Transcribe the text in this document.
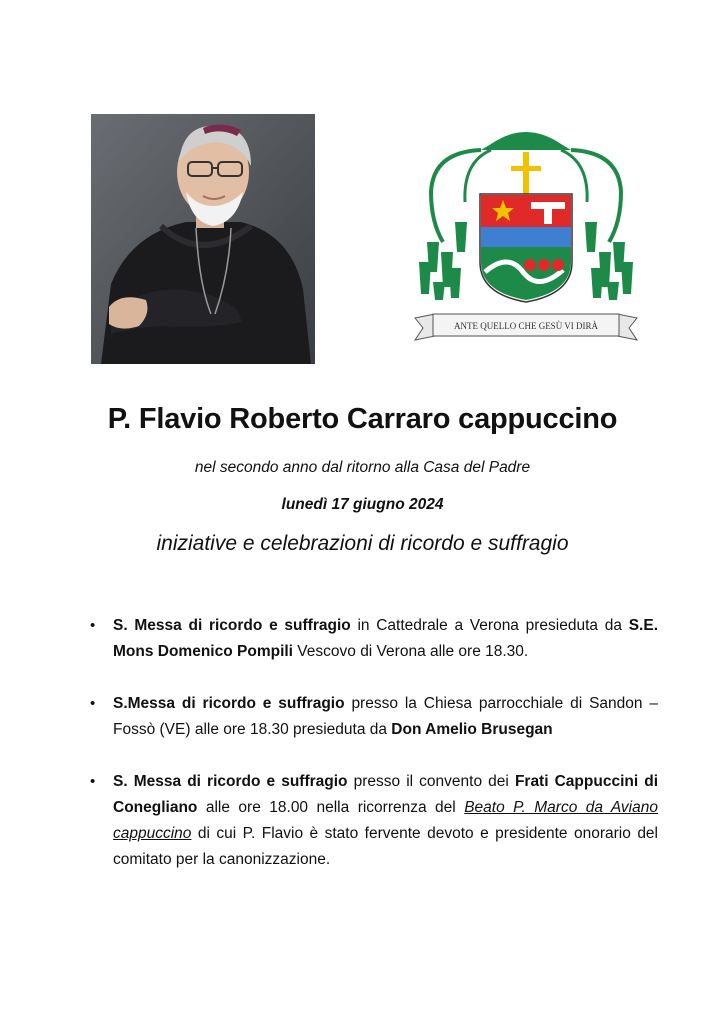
ANTE QUELLO CHE GESÙ VI DIRÀ
P. Flavio Roberto Carraro cappuccino
nel secondo anno dal ritorno alla Casa del Padre
lunedì 17 giugno 2024
iniziative e celebrazioni di ricordo e suffragio
• S. Messa di ricordo e suffragio in Cattedrale a Verona presieduta da S.E. Mons Domenico Pompili Vescovo di Verona alle ore 18.30.
• S.Messa di ricordo e suffragio presso la Chiesa parrocchiale di Sandon – Fossò (VE) alle ore 18.30 presieduta da Don Amelio Brusegan
• S. Messa di ricordo e suffragio presso il convento dei Frati Cappuccini di Conegliano alle ore 18.00 nella ricorrenza del Beato P. Marco da Aviano cappuccino di cui P. Flavio è stato fervente devoto e presidente onorario del comitato per la canonizzazione.
